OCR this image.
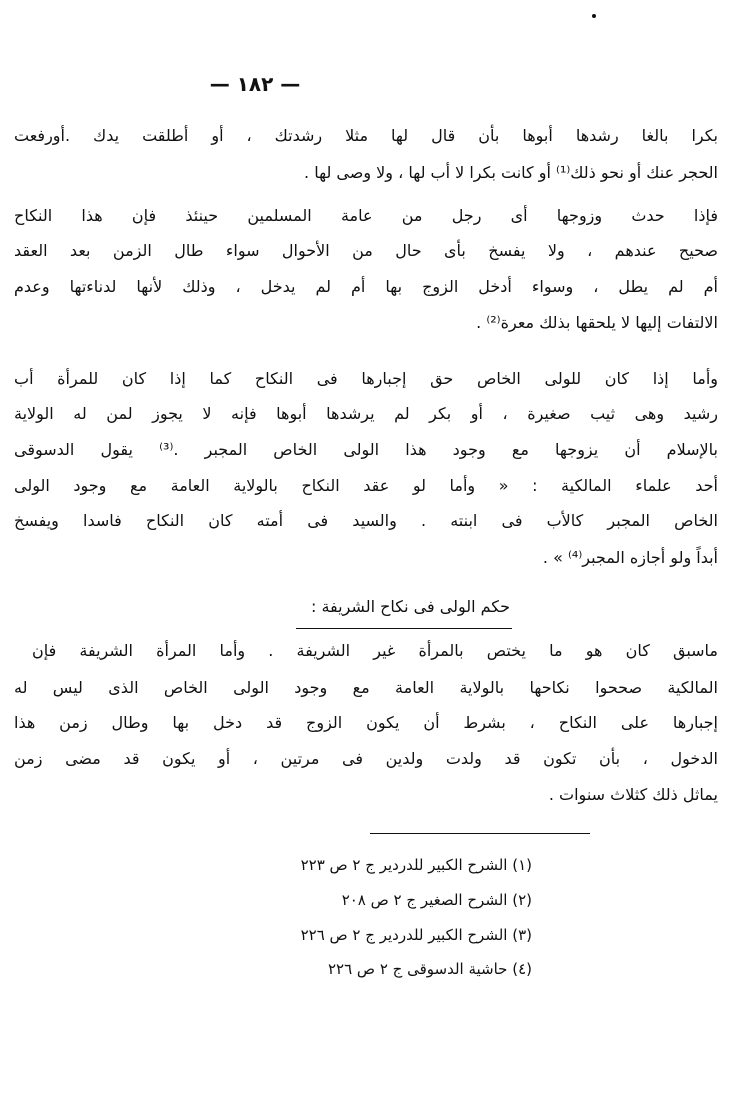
— ١٨٢ —
بكرا بالغا رشدها أبوها بأن قال لها مثلا رشدتك ، أو أطلقت يدك .أورفعت
الحجر عنك أو نحو ذلك⁽¹⁾ أو كانت بكرا لا أب لها ، ولا وصى لها .
فإذا حدث وزوجها أى رجل من عامة المسلمين حينئذ فإن هذا النكاح
صحيح عندهم ، ولا يفسخ بأى حال من الأحوال سواء طال الزمن بعد العقد
أم لم يطل ، وسواء أدخل الزوج بها أم لم يدخل ، وذلك لأنها لدناءتها وعدم
الالتفات إليها لا يلحقها بذلك معرة⁽²⁾ .
وأما إذا كان للولى الخاص حق إجبارها فى النكاح كما إذا كان للمرأة أب
رشيد وهى ثيب صغيرة ، أو بكر لم يرشدها أبوها فإنه لا يجوز لمن له الولاية
بالإسلام أن يزوجها مع وجود هذا الولى الخاص المجبر .⁽³⁾ يقول الدسوقى
أحد علماء المالكية : « وأما لو عقد النكاح بالولاية العامة مع وجود الولى
الخاص المجبر كالأب فى ابنته . والسيد فى أمته كان النكاح فاسدا ويفسخ
أبداً ولو أجازه المجبر⁽⁴⁾ » .
حكم الولى فى نكاح الشريفة :
ماسبق كان هو ما يختص بالمرأة غير الشريفة . وأما المرأة الشريفة فإن
المالكية صححوا نكاحها بالولاية العامة مع وجود الولى الخاص الذى ليس له
إجبارها على النكاح ، بشرط أن يكون الزوج قد دخل بها وطال زمن هذا
الدخول ، بأن تكون قد ولدت ولدين فى مرتين ، أو يكون قد مضى زمن
يماثل ذلك كثلاث سنوات .
(١) الشرح الكبير للدردير ج ٢ ص ٢٢٣
(٢) الشرح الصغير ج ٢ ص ٢٠٨
(٣) الشرح الكبير للدردير ج ٢ ص ٢٢٦
(٤) حاشية الدسوقى ج ٢ ص ٢٢٦
